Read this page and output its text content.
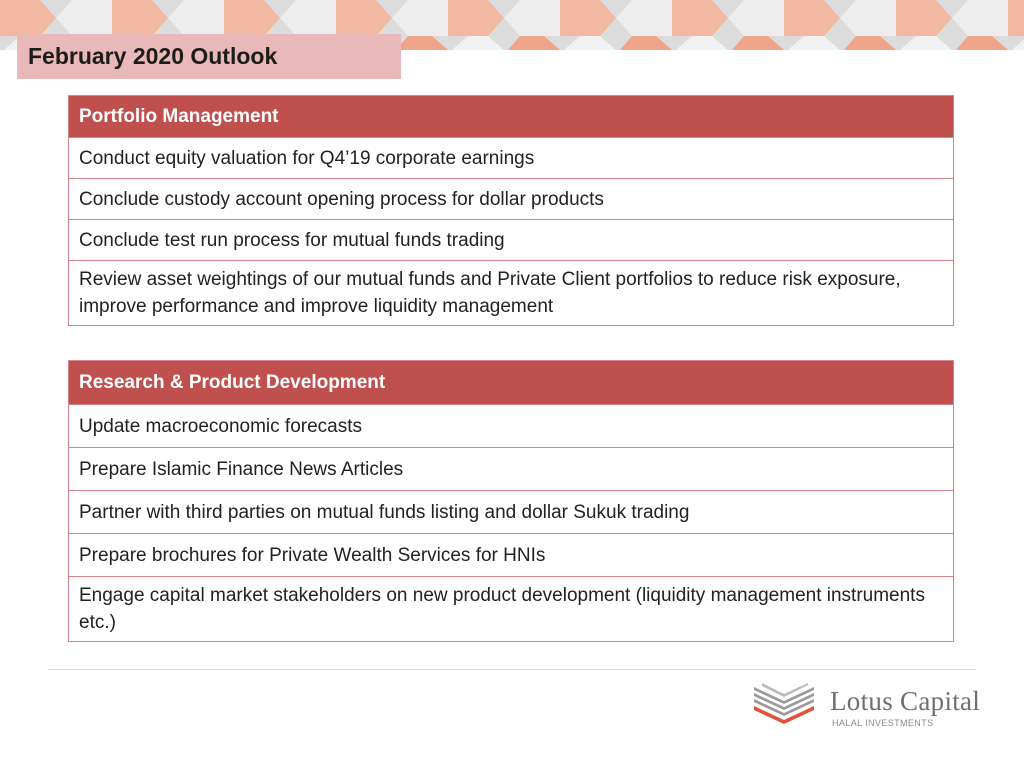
February 2020 Outlook
Portfolio Management
Conduct equity valuation for Q4’19 corporate earnings
Conclude custody account opening process for dollar products
Conclude test run process for mutual funds trading
Review asset weightings of our mutual funds and Private Client portfolios to reduce risk exposure, improve performance and improve liquidity management
Research & Product Development
Update macroeconomic forecasts
Prepare Islamic Finance News Articles
Partner with third parties on mutual funds listing and dollar Sukuk trading
Prepare brochures for Private Wealth Services for HNIs
Engage capital market stakeholders on new product development (liquidity management instruments etc.)
Lotus Capital
HALAL INVESTMENTS
